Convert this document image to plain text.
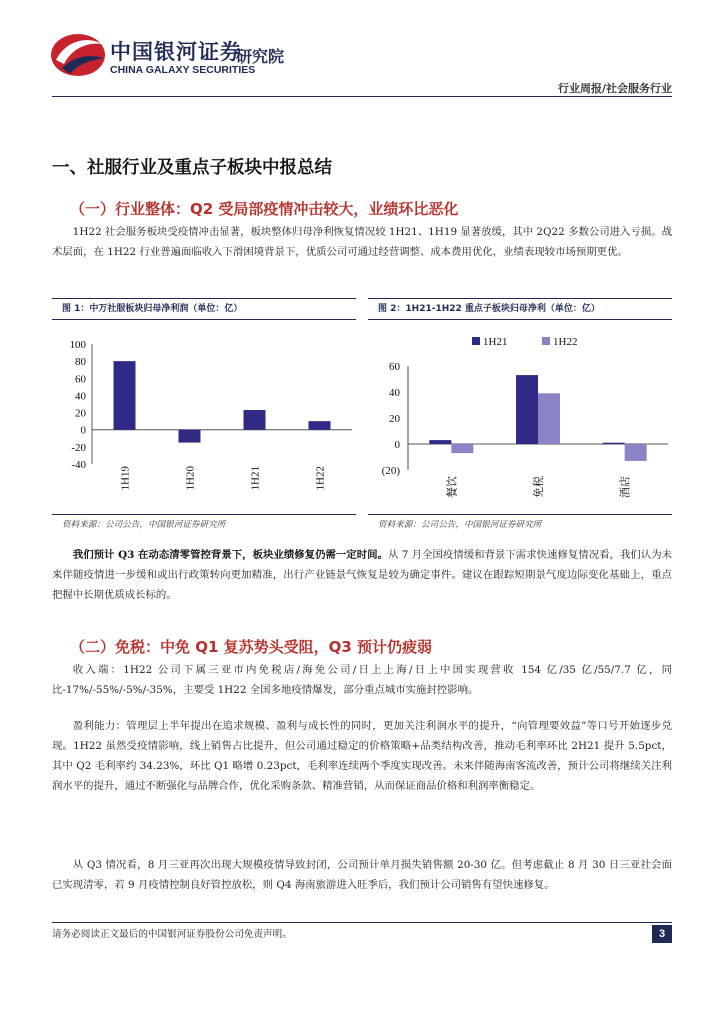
中国银河证券
CHINA GALAXY SECURITIES
研究院
行业周报/社会服务行业
一、社服行业及重点子板块中报总结
（一）行业整体：Q2 受局部疫情冲击较大，业绩环比恶化

1H22 社会服务板块受疫情冲击显著，板块整体归母净利恢复情况较 1H21、1H19 显著放缓，其中 2Q22 多数公司进入亏损。战术层面，在 1H22 行业普遍面临收入下滑困境背景下，优质公司可通过经营调整、成本费用优化，业绩表现较市场预期更优。

图 1：中万社服板块归母净利润（单位：亿）
100
80
60
40
20
0
-20
-40
1H19	1H20	1H21	1H22
资料来源：公司公告，中国银河证券研究所
图 2：1H21-1H22 重点子板块归母净利（单位：亿）
1H21	1H22
60
40
20
0
(20)
餐饮	免税	酒店
资料来源：公司公告，中国银河证券研究所

我们预计 Q3 在动态清零管控背景下，板块业绩修复仍需一定时间。从 7 月全国疫情缓和背景下需求快速修复情况看，我们认为未来伴随疫情进一步缓和或出行政策转向更加精准，出行产业链景气恢复是较为确定事件。建议在跟踪短期景气度边际变化基础上，重点把握中长期优质成长标的。

（二）免税：中免 Q1 复苏势头受阻，Q3 预计仍疲弱

收入端：1H22 公司下属三亚市内免税店/海免公司/日上上海/日上中国实现营收 154 亿/35 亿/55/7.7 亿，同比-17%/-55%/-5%/-35%，主要受 1H22 全国多地疫情爆发，部分重点城市实施封控影响。

盈利能力：管理层上半年提出在追求规模、盈利与成长性的同时，更加关注利润水平的提升，“向管理要效益”等口号开始逐步兑现。1H22 虽然受疫情影响，线上销售占比提升，但公司通过稳定的价格策略+品类结构改善，推动毛利率环比 2H21 提升 5.5pct，其中 Q2 毛利率约 34.23%，环比 Q1 略增 0.23pct，毛利率连续两个季度实现改善。未来伴随海南客流改善，预计公司将继续关注利润水平的提升，通过不断强化与品牌合作，优化采购条款、精准营销，从而保证商品价格和利润率衡稳定。

从 Q3 情况看，8 月三亚再次出现大规模疫情导致封闭，公司预计单月损失销售额 20-30 亿。但考虑截止 8 月 30 日三亚社会面已实现清零，若 9 月疫情控制良好管控放松，则 Q4 海南旅游进入旺季后，我们预计公司销售有望快速修复。

请务必阅读正文最后的中国银河证券股份公司免责声明。	3
